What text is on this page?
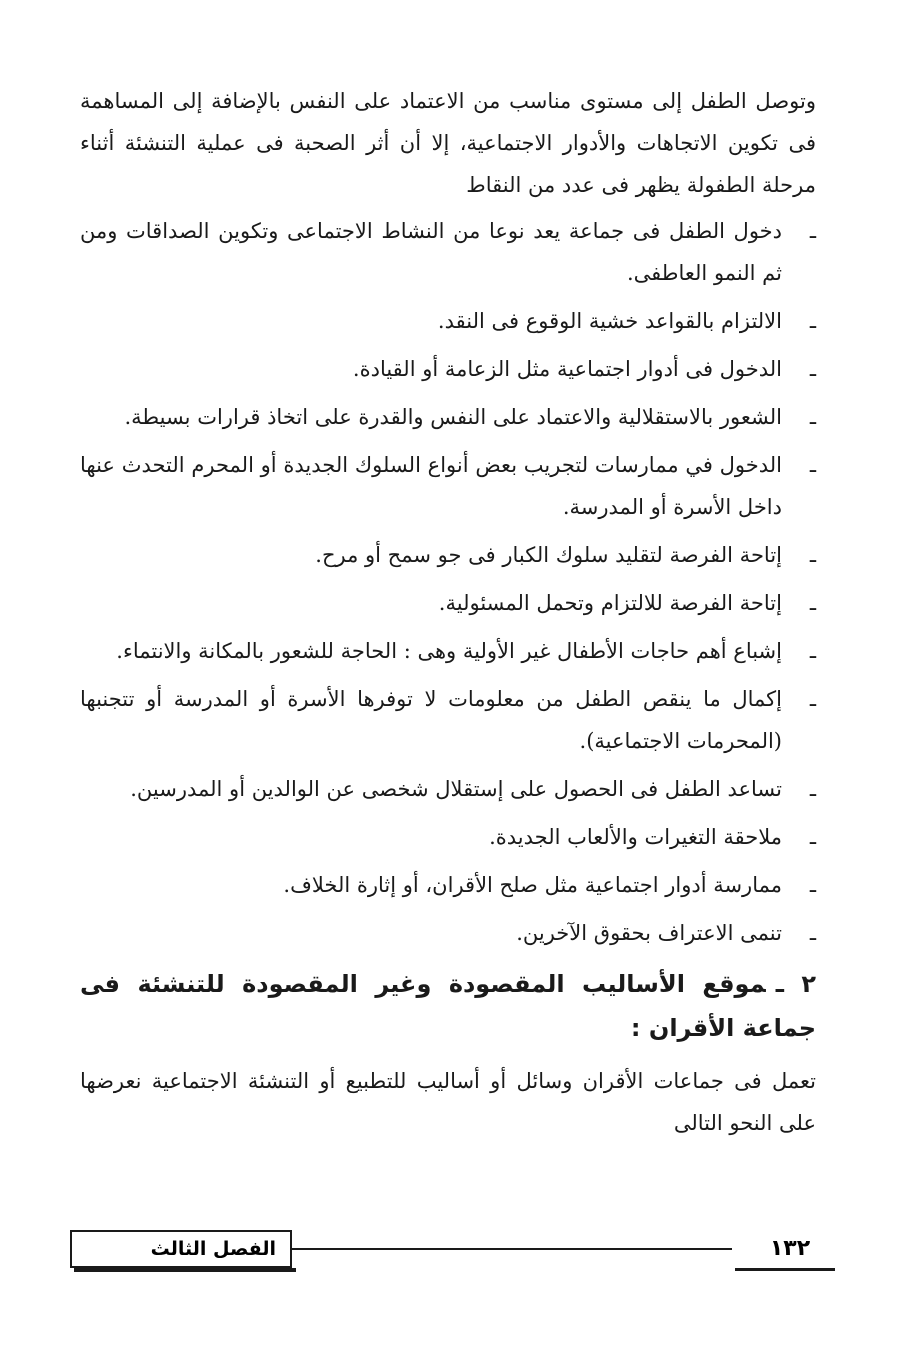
وتوصل الطفل إلى مستوى مناسب من الاعتماد على النفس بالإضافة إلى المساهمة فى تكوين الاتجاهات والأدوار الاجتماعية، إلا أن أثر الصحبة فى عملية التنشئة أثناء مرحلة الطفولة يظهر فى عدد من النقاط

ـ دخول الطفل فى جماعة يعد نوعا من النشاط الاجتماعى وتكوين الصداقات ومن ثم النمو العاطفى.
ـ الالتزام بالقواعد خشية الوقوع فى النقد.
ـ الدخول فى أدوار اجتماعية مثل الزعامة أو القيادة.
ـ الشعور بالاستقلالية والاعتماد على النفس والقدرة على اتخاذ قرارات بسيطة.
ـ الدخول في ممارسات لتجريب بعض أنواع السلوك الجديدة أو المحرم التحدث عنها داخل الأسرة أو المدرسة.
ـ إتاحة الفرصة لتقليد سلوك الكبار فى جو سمح أو مرح.
ـ إتاحة الفرصة للالتزام وتحمل المسئولية.
ـ إشباع أهم حاجات الأطفال غير الأولية وهى : الحاجة للشعور بالمكانة والانتماء.
ـ إكمال ما ينقص الطفل من معلومات لا توفرها الأسرة أو المدرسة أو تتجنبها (المحرمات الاجتماعية).
ـ تساعد الطفل فى الحصول على إستقلال شخصى عن الوالدين أو المدرسين.
ـ ملاحقة التغيرات والألعاب الجديدة.
ـ ممارسة أدوار اجتماعية مثل صلح الأقران، أو إثارة الخلاف.
ـ تنمى الاعتراف بحقوق الآخرين.
٢ ـموقع الأساليب المقصودة وغير المقصودة للتنشئة فى جماعة الأقران :

تعمل فى جماعات الأقران وسائل أو أساليب للتطبيع أو التنشئة الاجتماعية نعرضها على النحو التالى

الفصل الثالث	١٣٢
